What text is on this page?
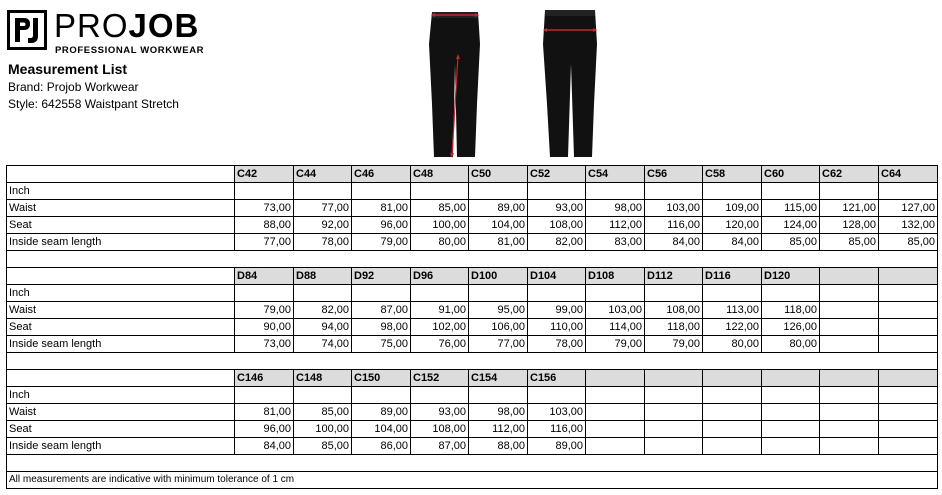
PROJOB
PROFESSIONAL WORKWEAR
Measurement List
Brand: Projob Workwear
Style: 642558 Waistpant Stretch
	C42	C44	C46	C48	C50	C52	C54	C56	C58	C60	C62	C64
Inch												
Waist	73,00	77,00	81,00	85,00	89,00	93,00	98,00	103,00	109,00	115,00	121,00	127,00
Seat	88,00	92,00	96,00	100,00	104,00	108,00	112,00	116,00	120,00	124,00	128,00	132,00
Inside seam length	77,00	78,00	79,00	80,00	81,00	82,00	83,00	84,00	84,00	85,00	85,00	85,00

	D84	D88	D92	D96	D100	D104	D108	D112	D116	D120		
Inch												
Waist	79,00	82,00	87,00	91,00	95,00	99,00	103,00	108,00	113,00	118,00		
Seat	90,00	94,00	98,00	102,00	106,00	110,00	114,00	118,00	122,00	126,00		
Inside seam length	73,00	74,00	75,00	76,00	77,00	78,00	79,00	79,00	80,00	80,00		

	C146	C148	C150	C152	C154	C156						
Inch												
Waist	81,00	85,00	89,00	93,00	98,00	103,00						
Seat	96,00	100,00	104,00	108,00	112,00	116,00						
Inside seam length	84,00	85,00	86,00	87,00	88,00	89,00						

All measurements are indicative with minimum tolerance of 1 cm												
